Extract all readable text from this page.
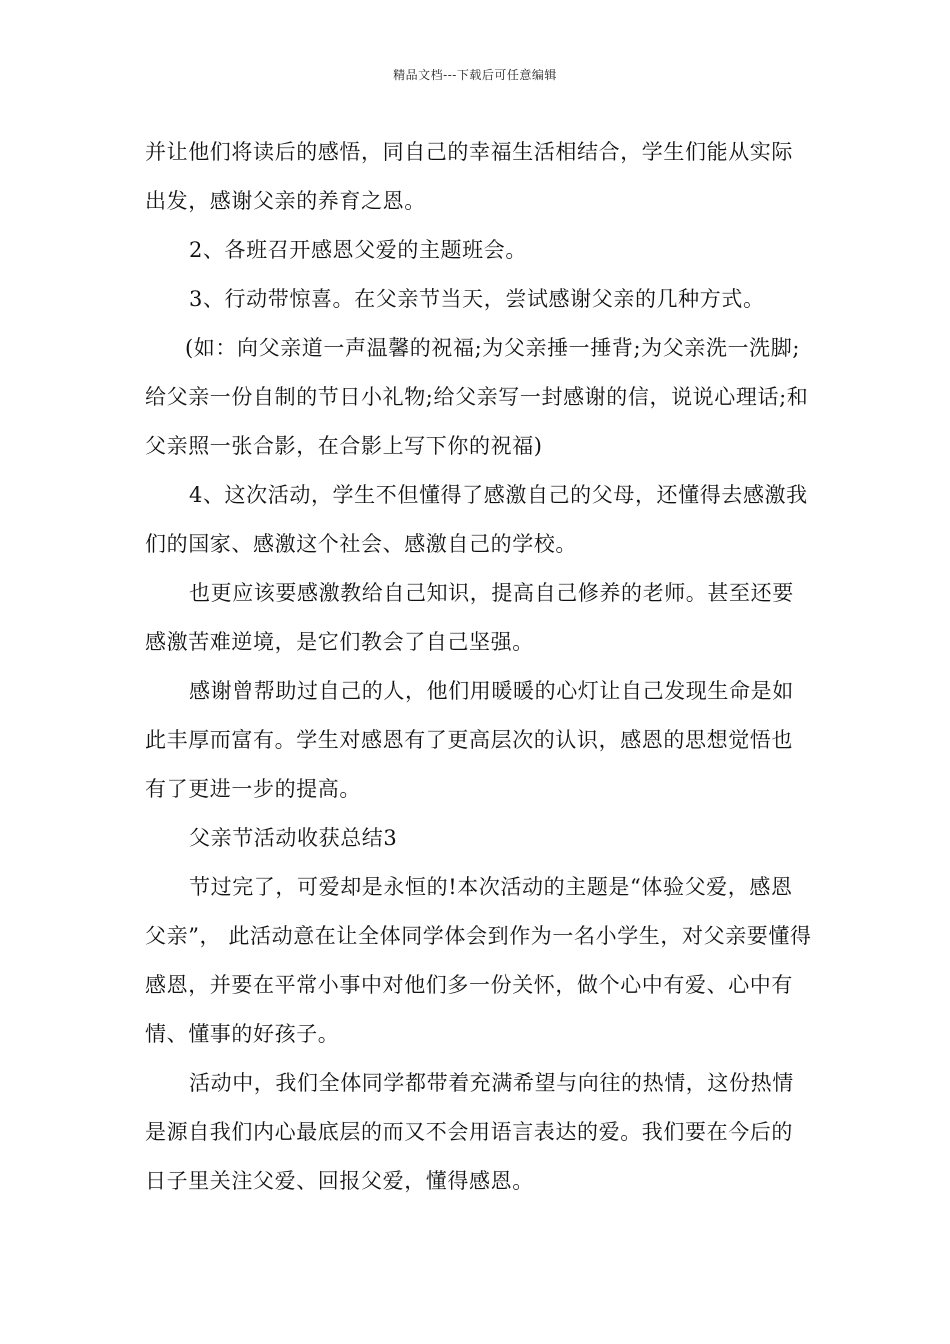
精品文档---下载后可任意编辑

并让他们将读后的感悟，同自己的幸福生活相结合，学生们能从实际出发，感谢父亲的养育之恩。

2、各班召开感恩父爱的主题班会。

3、行动带惊喜。在父亲节当天，尝试感谢父亲的几种方式。

(如：向父亲道一声温馨的祝福;为父亲捶一捶背;为父亲洗一洗脚;给父亲一份自制的节日小礼物;给父亲写一封感谢的信，说说心理话;和父亲照一张合影，在合影上写下你的祝福)

4、这次活动，学生不但懂得了感激自己的父母，还懂得去感激我们的国家、感激这个社会、感激自己的学校。

也更应该要感激教给自己知识，提高自己修养的老师。甚至还要感激苦难逆境，是它们教会了自己坚强。

感谢曾帮助过自己的人，他们用暖暖的心灯让自己发现生命是如此丰厚而富有。学生对感恩有了更高层次的认识，感恩的思想觉悟也有了更进一步的提高。

父亲节活动收获总结3

节过完了，可爱却是永恒的!本次活动的主题是“体验父爱，感恩父亲”， 此活动意在让全体同学体会到作为一名小学生，对父亲要懂得感恩，并要在平常小事中对他们多一份关怀，做个心中有爱、心中有情、懂事的好孩子。

活动中，我们全体同学都带着充满希望与向往的热情，这份热情是源自我们内心最底层的而又不会用语言表达的爱。我们要在今后的日子里关注父爱、回报父爱，懂得感恩。
